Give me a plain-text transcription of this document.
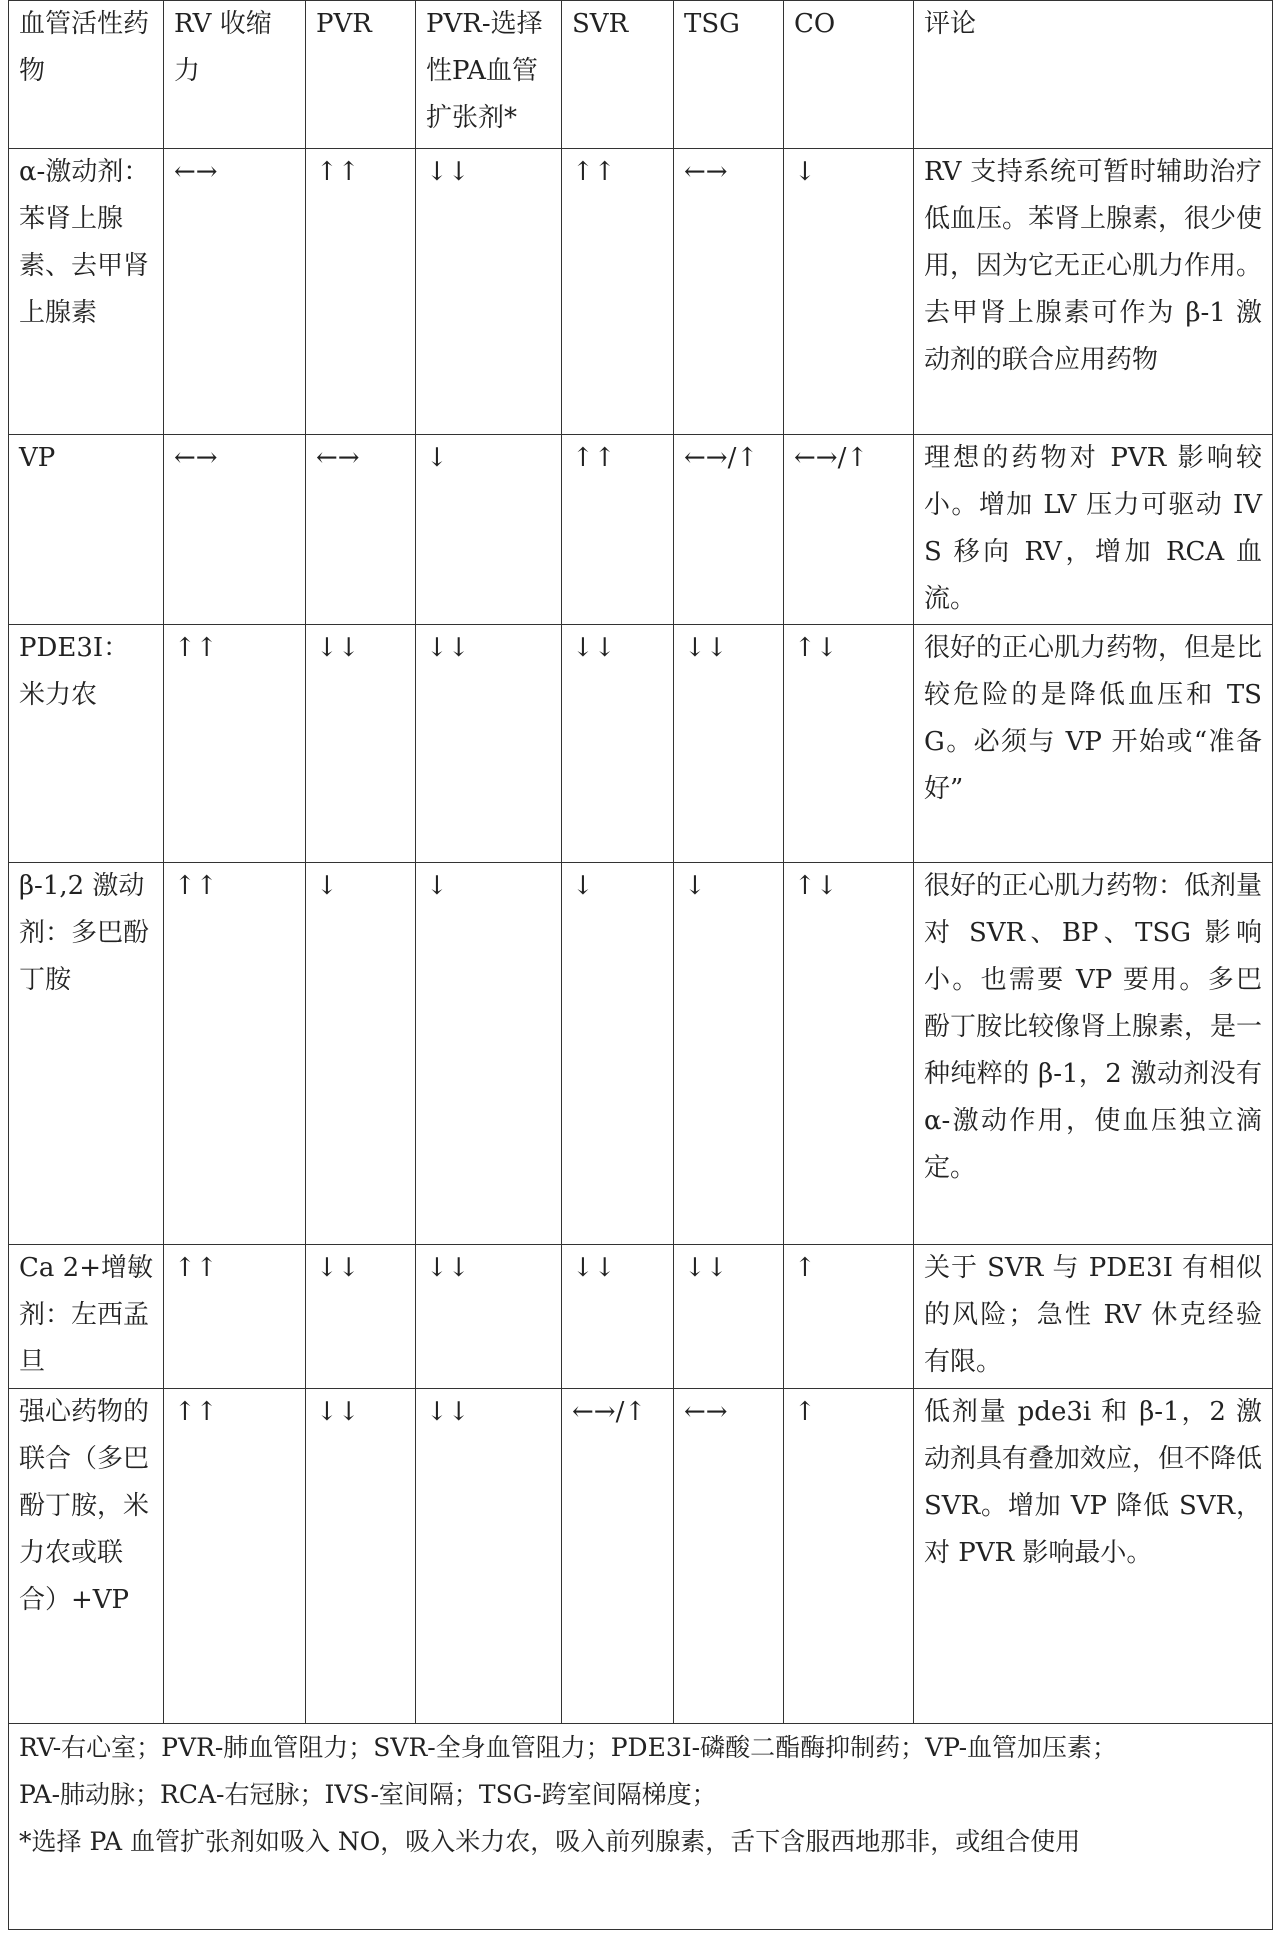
血管活性药物	RV 收缩力	PVR	PVR-选择性PA血管扩张剂*	SVR	TSG	CO	评论
α-激动剂：苯肾上腺素、去甲肾上腺素	←→	↑↑	↓↓	↑↑	←→	↓	RV 支持系统可暂时辅助治疗低血压。苯肾上腺素，很少使用，因为它无正心肌力作用。去甲肾上腺素可作为 β-1 激动剂的联合应用药物
VP	←→	←→	↓	↑↑	←→/↑	←→/↑	理想的药物对 PVR 影响较小。增加 LV 压力可驱动 IVS 移向 RV，增加 RCA 血流。
PDE3I：米力农	↑↑	↓↓	↓↓	↓↓	↓↓	↑↓	很好的正心肌力药物，但是比较危险的是降低血压和 TSG。必须与 VP 开始或“准备好”
β-1,2 激动剂：多巴酚丁胺	↑↑	↓	↓	↓	↓	↑↓	很好的正心肌力药物：低剂量对 SVR、BP、TSG 影响小。也需要 VP 要用。多巴酚丁胺比较像肾上腺素，是一种纯粹的 β-1，2 激动剂没有 α-激动作用，使血压独立滴定。
Ca 2+增敏剂：左西孟旦	↑↑	↓↓	↓↓	↓↓	↓↓	↑	关于 SVR 与 PDE3I 有相似的风险；急性 RV 休克经验有限。
强心药物的联合（多巴酚丁胺，米力农或联合）+VP	↑↑	↓↓	↓↓	←→/↑	←→	↑	低剂量 pde3i 和 β-1，2 激动剂具有叠加效应，但不降低 SVR。增加 VP 降低 SVR，对 PVR 影响最小。

RV-右心室；PVR-肺血管阻力；SVR-全身血管阻力；PDE3I-磷酸二酯酶抑制药；VP-血管加压素；
PA-肺动脉；RCA-右冠脉；IVS-室间隔；TSG-跨室间隔梯度；
*选择 PA 血管扩张剂如吸入 NO，吸入米力农，吸入前列腺素，舌下含服西地那非，或组合使用							
